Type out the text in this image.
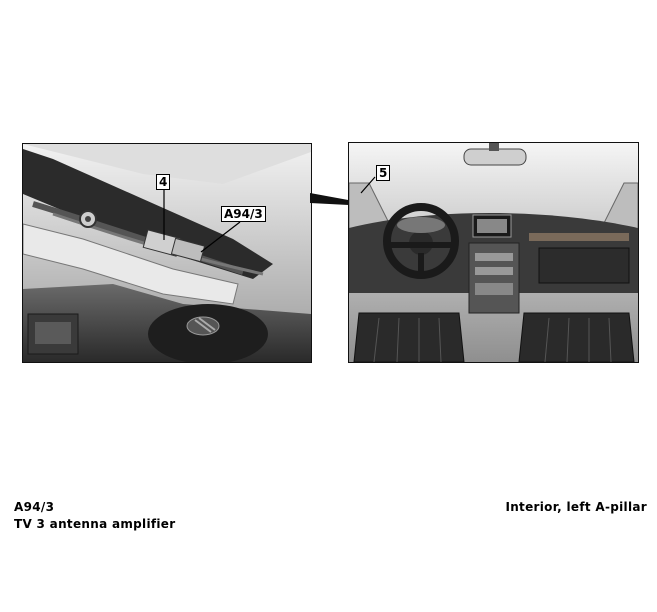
4
A94/3
5
A94/3
TV 3 antenna amplifier
Interior, left A-pillar
